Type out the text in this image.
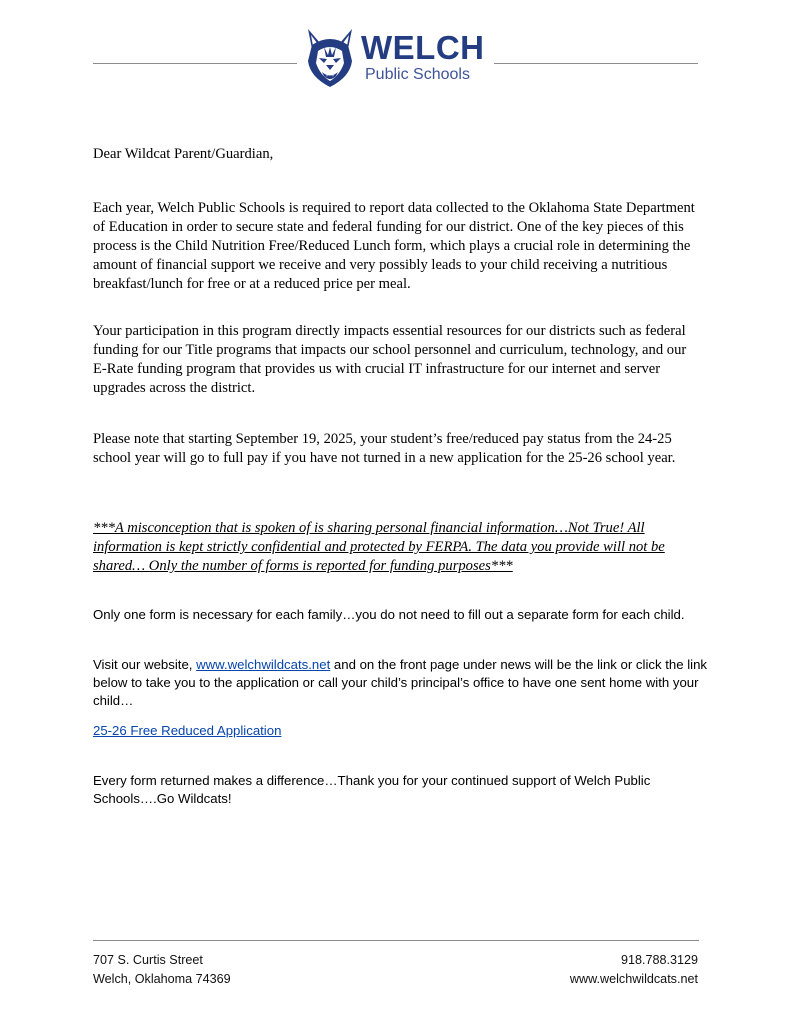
WELCH
Public Schools

Dear Wildcat Parent/Guardian,

Each year, Welch Public Schools is required to report data collected to the Oklahoma State Department of Education in order to secure state and federal funding for our district. One of the key pieces of this process is the Child Nutrition Free/Reduced Lunch form, which plays a crucial role in determining the amount of financial support we receive and very possibly leads to your child receiving a nutritious breakfast/lunch for free or at a reduced price per meal.

Your participation in this program directly impacts essential resources for our districts such as federal funding for our Title programs that impacts our school personnel and curriculum, technology, and our E-Rate funding program that provides us with crucial IT infrastructure for our internet and server upgrades across the district.

Please note that starting September 19, 2025, your student’s free/reduced pay status from the 24-25 school year will go to full pay if you have not turned in a new application for the 25-26 school year.

***A misconception that is spoken of is sharing personal financial information…Not True! All information is kept strictly confidential and protected by FERPA. The data you provide will not be shared… Only the number of forms is reported for funding purposes***

Only one form is necessary for each family…you do not need to fill out a separate form for each child.

Visit our website, www.welchwildcats.net and on the front page under news will be the link or click the link below to take you to the application or call your child’s principal’s office to have one sent home with your child…

25-26 Free Reduced Application

Every form returned makes a difference…Thank you for your continued support of Welch Public Schools….Go Wildcats!

707 S. Curtis Street
Welch, Oklahoma 74369
918.788.3129
www.welchwildcats.net
